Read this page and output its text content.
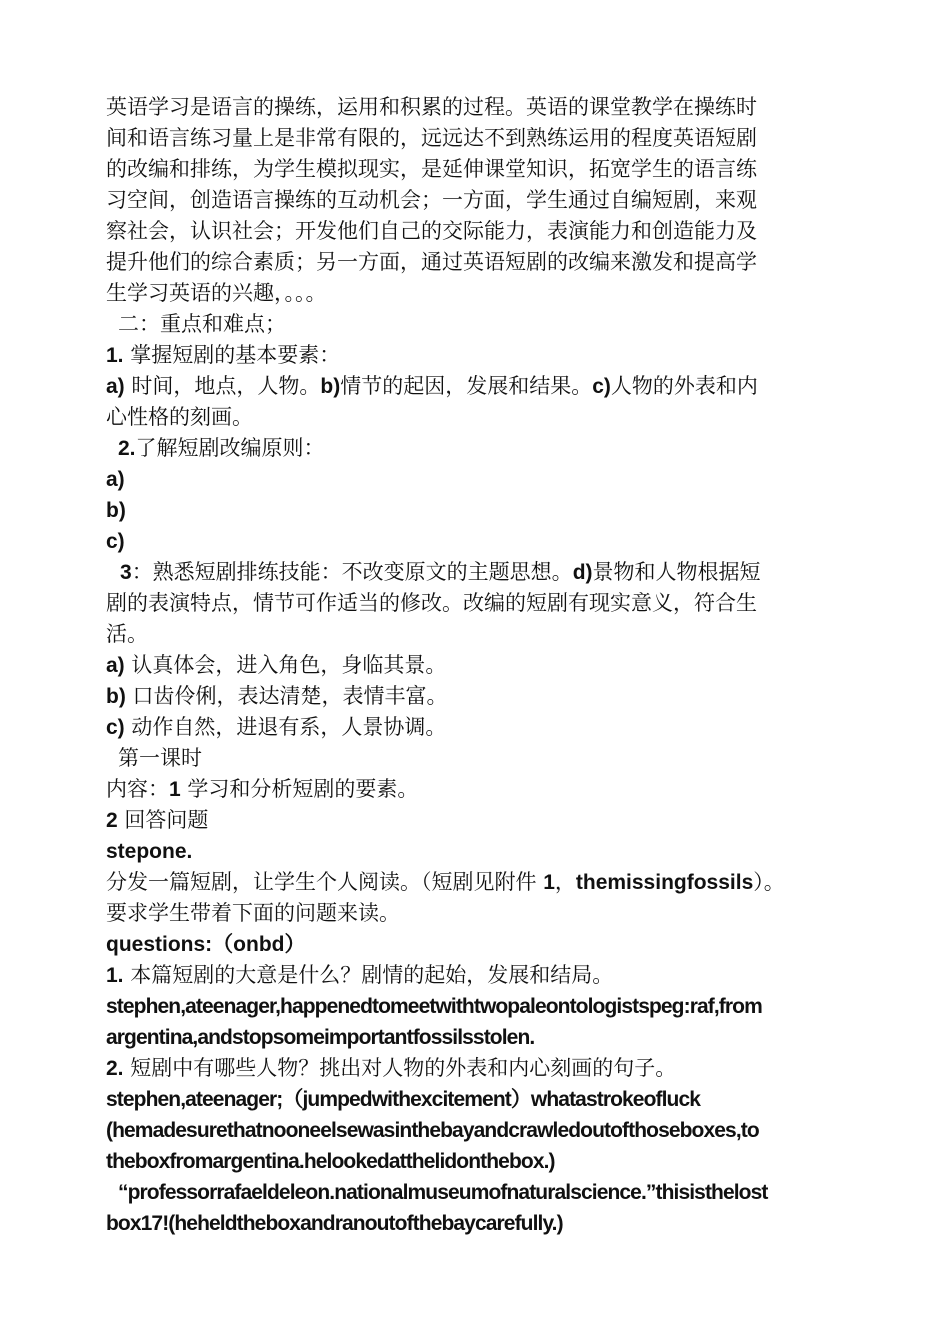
英语学习是语言的操练，运用和积累的过程。英语的课堂教学在操练时
间和语言练习量上是非常有限的，远远达不到熟练运用的程度英语短剧
的改编和排练，为学生模拟现实，是延伸课堂知识，拓宽学生的语言练
习空间，创造语言操练的互动机会；一方面，学生通过自编短剧，来观
察社会，认识社会；开发他们自己的交际能力，表演能力和创造能力及
提升他们的综合素质；另一方面，通过英语短剧的改编来激发和提高学
生学习英语的兴趣，。。。
二：重点和难点；
1. 掌握短剧的基本要素：
a) 时间，地点，人物。b)情节的起因，发展和结果。c)人物的外表和内
心性格的刻画。
2.了解短剧改编原则：
a)
b)
c)
3：熟悉短剧排练技能：不改变原文的主题思想。d)景物和人物根据短
剧的表演特点，情节可作适当的修改。改编的短剧有现实意义，符合生
活。
a) 认真体会，进入角色，身临其景。
b) 口齿伶俐，表达清楚，表情丰富。
c) 动作自然，进退有系，人景协调。
第一课时
内容：1 学习和分析短剧的要素。
2 回答问题
stepone.
分发一篇短剧，让学生个人阅读。（短剧见附件 1，themissingfossils）。
要求学生带着下面的问题来读。
questions:（onbd）
1. 本篇短剧的大意是什么？剧情的起始，发展和结局。
stephen,ateenager,happenedtomeetwithtwopaleontologistspeg:raf,from
argentina,andstopsomeimportantfossilsstolen.
2. 短剧中有哪些人物？挑出对人物的外表和内心刻画的句子。
stephen,ateenager;（jumpedwithexcitement）whatastrokeofluck
(hemadesurethatnooneelsewasinthebayandcrawledoutofthoseboxes,to
theboxfromargentina.helookedatthelidonthebox.)
“professorrafaeldeleon.nationalmuseumofnaturalscience.”thisisthelost
box17!(heheldtheboxandranoutofthebaycarefully.)
